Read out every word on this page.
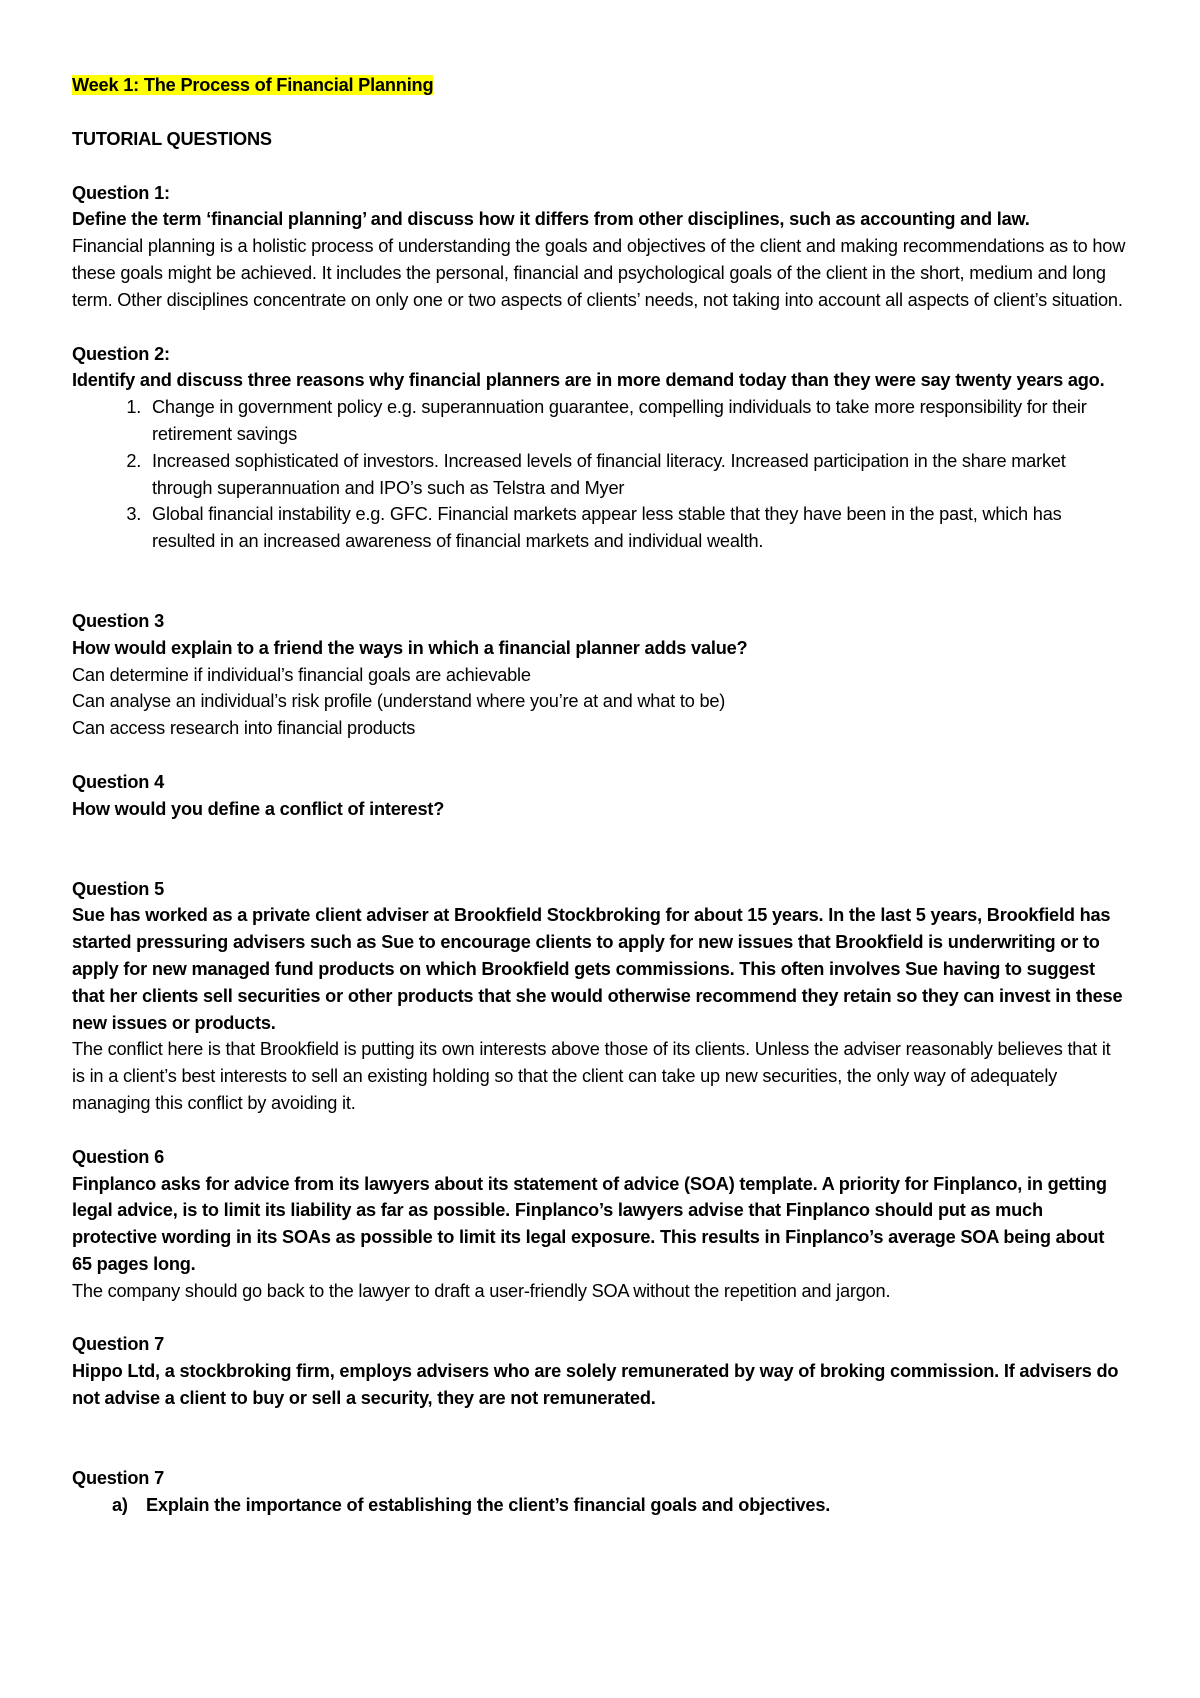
Week 1: The Process of Financial Planning

TUTORIAL QUESTIONS

Question 1:

Define the term ‘financial planning’ and discuss how it differs from other disciplines, such as accounting and law.

Financial planning is a holistic process of understanding the goals and objectives of the client and making recommendations as to how these goals might be achieved. It includes the personal, financial and psychological goals of the client in the short, medium and long term. Other disciplines concentrate on only one or two aspects of clients’ needs, not taking into account all aspects of client’s situation.

Question 2:

Identify and discuss three reasons why financial planners are in more demand today than they were say twenty years ago.

1. Change in government policy e.g. superannuation guarantee, compelling individuals to take more responsibility for their retirement savings
2. Increased sophisticated of investors. Increased levels of financial literacy. Increased participation in the share market through superannuation and IPO’s such as Telstra and Myer
3. Global financial instability e.g. GFC. Financial markets appear less stable that they have been in the past, which has resulted in an increased awareness of financial markets and individual wealth.

Question 3

How would explain to a friend the ways in which a financial planner adds value?

Can determine if individual’s financial goals are achievable

Can analyse an individual’s risk profile (understand where you’re at and what to be)

Can access research into financial products

Question 4

How would you define a conflict of interest?

Question 5

Sue has worked as a private client adviser at Brookfield Stockbroking for about 15 years. In the last 5 years, Brookfield has started pressuring advisers such as Sue to encourage clients to apply for new issues that Brookfield is underwriting or to apply for new managed fund products on which Brookfield gets commissions. This often involves Sue having to suggest that her clients sell securities or other products that she would otherwise recommend they retain so they can invest in these new issues or products.

The conflict here is that Brookfield is putting its own interests above those of its clients. Unless the adviser reasonably believes that it is in a client’s best interests to sell an existing holding so that the client can take up new securities, the only way of adequately managing this conflict by avoiding it.

Question 6

Finplanco asks for advice from its lawyers about its statement of advice (SOA) template. A priority for Finplanco, in getting legal advice, is to limit its liability as far as possible. Finplanco’s lawyers advise that Finplanco should put as much protective wording in its SOAs as possible to limit its legal exposure. This results in Finplanco’s average SOA being about 65 pages long.

The company should go back to the lawyer to draft a user-friendly SOA without the repetition and jargon.

Question 7

Hippo Ltd, a stockbroking firm, employs advisers who are solely remunerated by way of broking commission. If advisers do not advise a client to buy or sell a security, they are not remunerated.

Question 7

a) Explain the importance of establishing the client’s financial goals and objectives.
